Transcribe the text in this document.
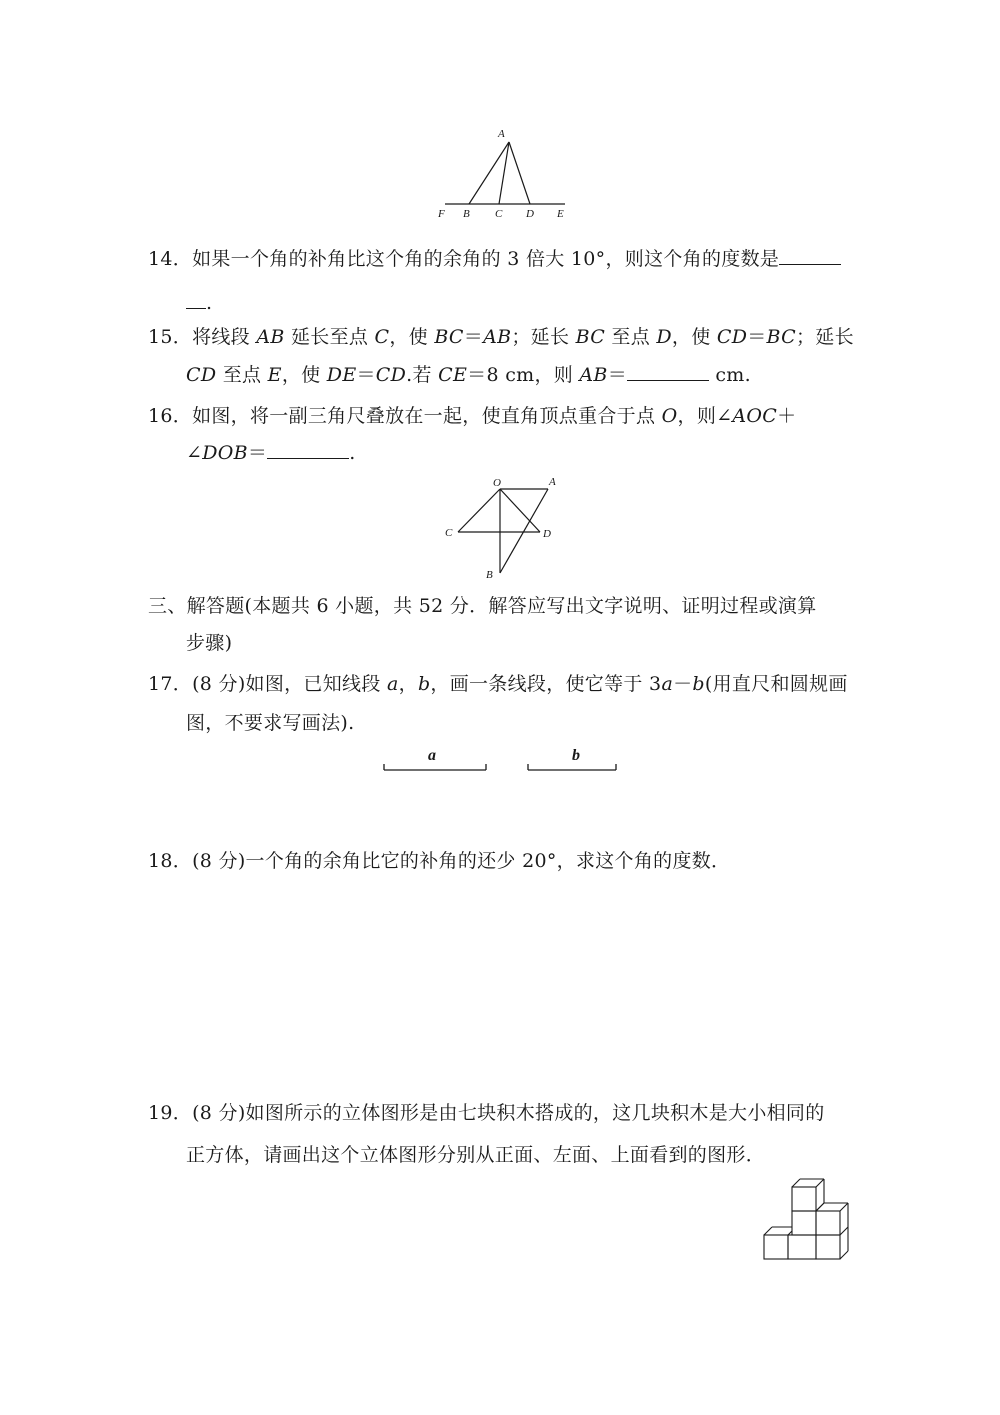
A
F B C D E
14．如果一个角的补角比这个角的余角的 3 倍大 10°，则这个角的度数是
.
15．将线段 AB 延长至点 C，使 BC＝AB；延长 BC 至点 D，使 CD＝BC；延长
CD 至点 E，使 DE＝CD.若 CE＝8 cm，则 AB＝	cm.
16．如图，将一副三角尺叠放在一起，使直角顶点重合于点 O，则∠AOC＋
∠DOB＝	.
O	A
C	D
B
三、解答题(本题共 6 小题，共 52 分．解答应写出文字说明、证明过程或演算
步骤)
17．(8 分)如图，已知线段 a，b，画一条线段，使它等于 3a－b(用直尺和圆规画
图，不要求写画法).
a	b
18．(8 分)一个角的余角比它的补角的还少 20°，求这个角的度数．
19．(8 分)如图所示的立体图形是由七块积木搭成的，这几块积木是大小相同的
正方体，请画出这个立体图形分别从正面、左面、上面看到的图形．
